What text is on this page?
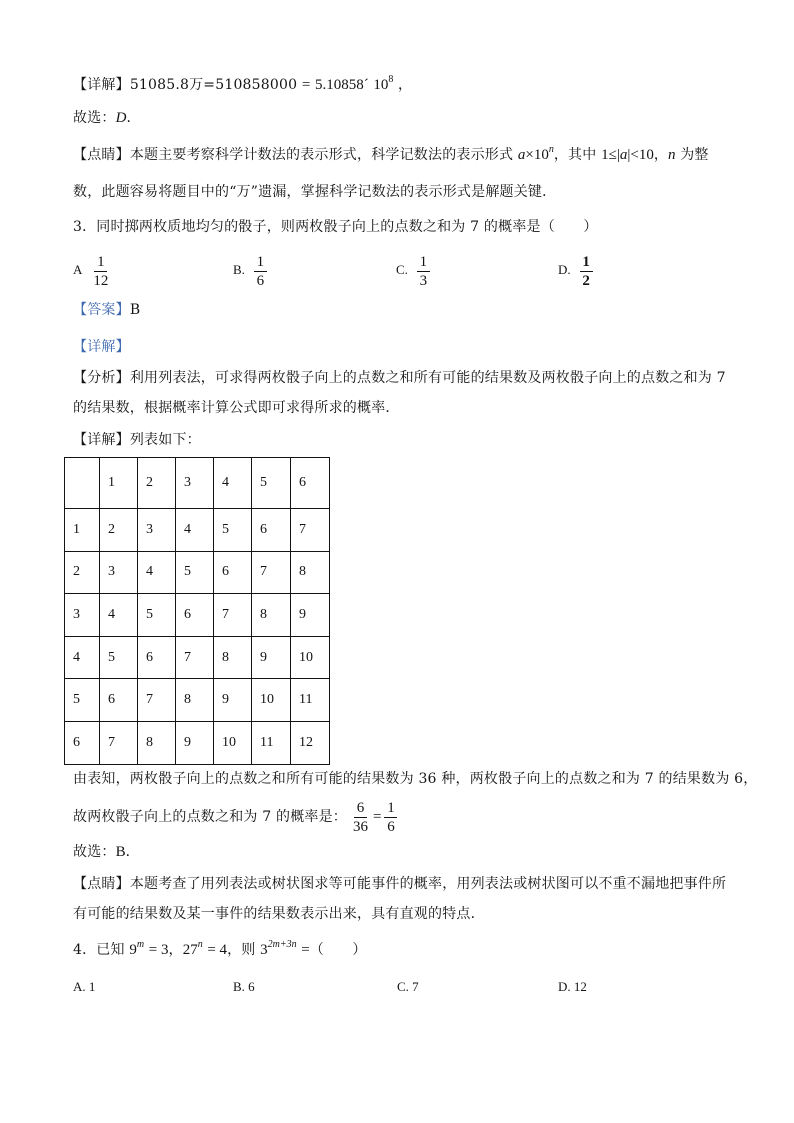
【详解】51085.8万=510858000 = 5.10858´ $10^8$ ，
故选：D．
【点睛】本题主要考察科学计数法的表示形式，科学记数法的表示形式 $a\times 10^n$，其中 1≤|a|<10，n 为整
数，此题容易将题目中的“万”遗漏，掌握科学记数法的表示形式是解题关键．
3．同时掷两枚质地均匀的骰子，则两枚骰子向上的点数之和为 7 的概率是（　　）
A $\frac{1}{12}$	B. $\frac{1}{6}$	C. $\frac{1}{3}$	D. $\frac{1}{2}$
【答案】B
【详解】
【分析】利用列表法，可求得两枚骰子向上的点数之和所有可能的结果数及两枚骰子向上的点数之和为 7
的结果数，根据概率计算公式即可求得所求的概率．
【详解】列表如下：
	1	2	3	4	5	6
1	2	3	4	5	6	7
2	3	4	5	6	7	8
3	4	5	6	7	8	9
4	5	6	7	8	9	10
5	6	7	8	9	10	11
6	7	8	9	10	11	12
由表知，两枚骰子向上的点数之和所有可能的结果数为 36 种，两枚骰子向上的点数之和为 7 的结果数为 6，
故两枚骰子向上的点数之和为 7 的概率是： $\frac{6}{36} = \frac{1}{6}$
故选：B．
【点睛】本题考查了用列表法或树状图求等可能事件的概率，用列表法或树状图可以不重不漏地把事件所
有可能的结果数及某一事件的结果数表示出来，具有直观的特点．
4．已知 $9^m = 3$，$27^n = 4$，则 $3^{2m+3n}$ =（　　）
A. 1	B. 6	C. 7	D. 12
